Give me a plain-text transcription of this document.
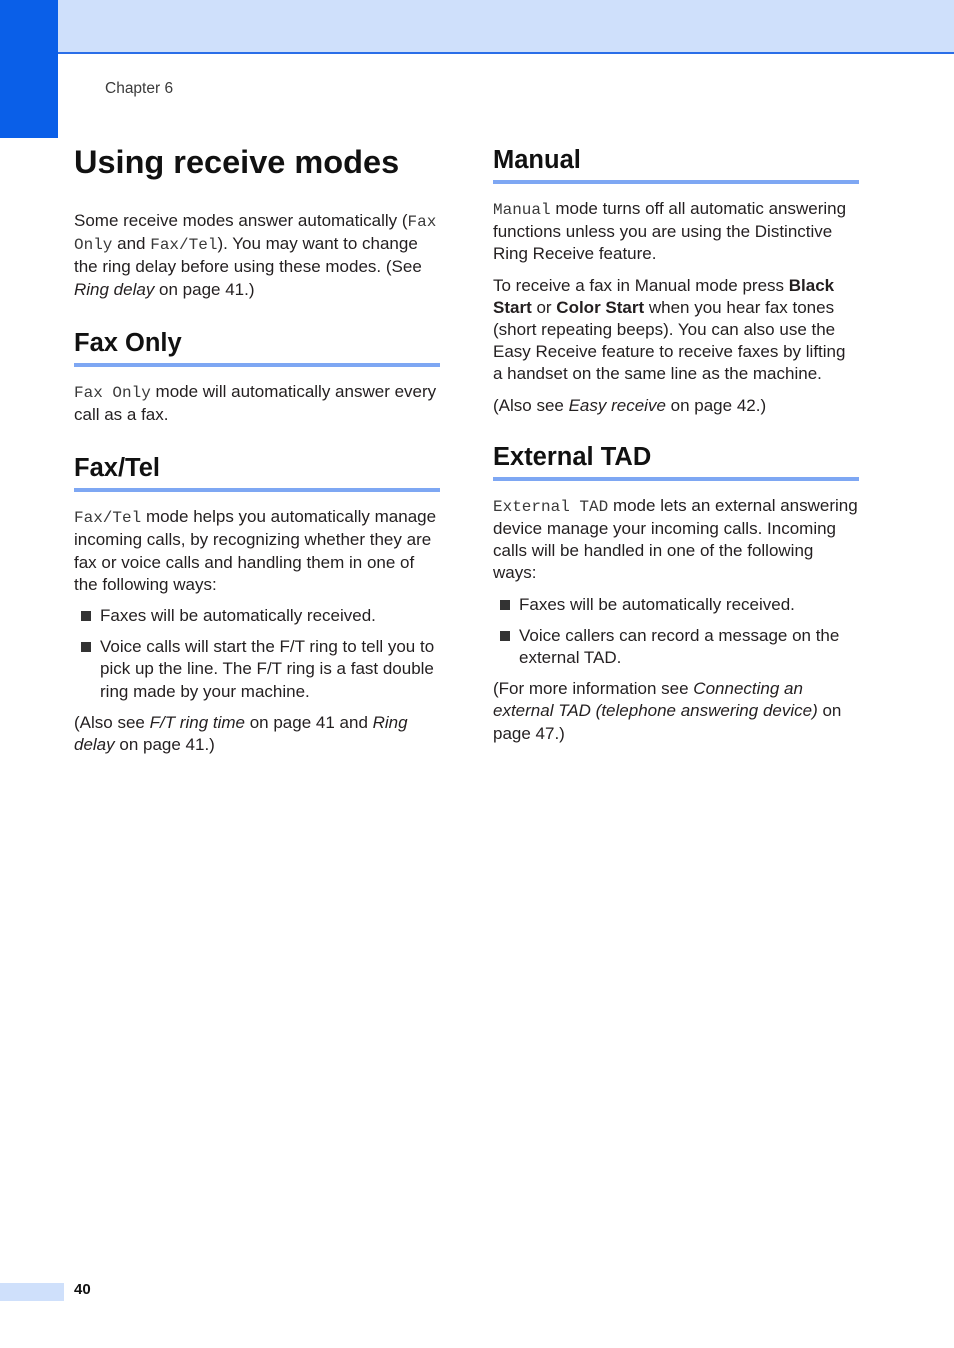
Chapter 6
Using receive modes

Some receive modes answer automatically (Fax Only and Fax/Tel). You may want to change the ring delay before using these modes. (See Ring delay on page 41.)

Fax Only

Fax Only mode will automatically answer every call as a fax.

Fax/Tel

Fax/Tel mode helps you automatically manage incoming calls, by recognizing whether they are fax or voice calls and handling them in one of the following ways:

Faxes will be automatically received.
Voice calls will start the F/T ring to tell you to pick up the line. The F/T ring is a fast double ring made by your machine.

(Also see F/T ring time on page 41 and Ring delay on page 41.)

Manual

Manual mode turns off all automatic answering functions unless you are using the Distinctive Ring Receive feature.

To receive a fax in Manual mode press Black Start or Color Start when you hear fax tones (short repeating beeps). You can also use the Easy Receive feature to receive faxes by lifting a handset on the same line as the machine.

(Also see Easy receive on page 42.)

External TAD

External TAD mode lets an external answering device manage your incoming calls. Incoming calls will be handled in one of the following ways:

Faxes will be automatically received.
Voice callers can record a message on the external TAD.

(For more information see Connecting an external TAD (telephone answering device) on page 47.)

40
